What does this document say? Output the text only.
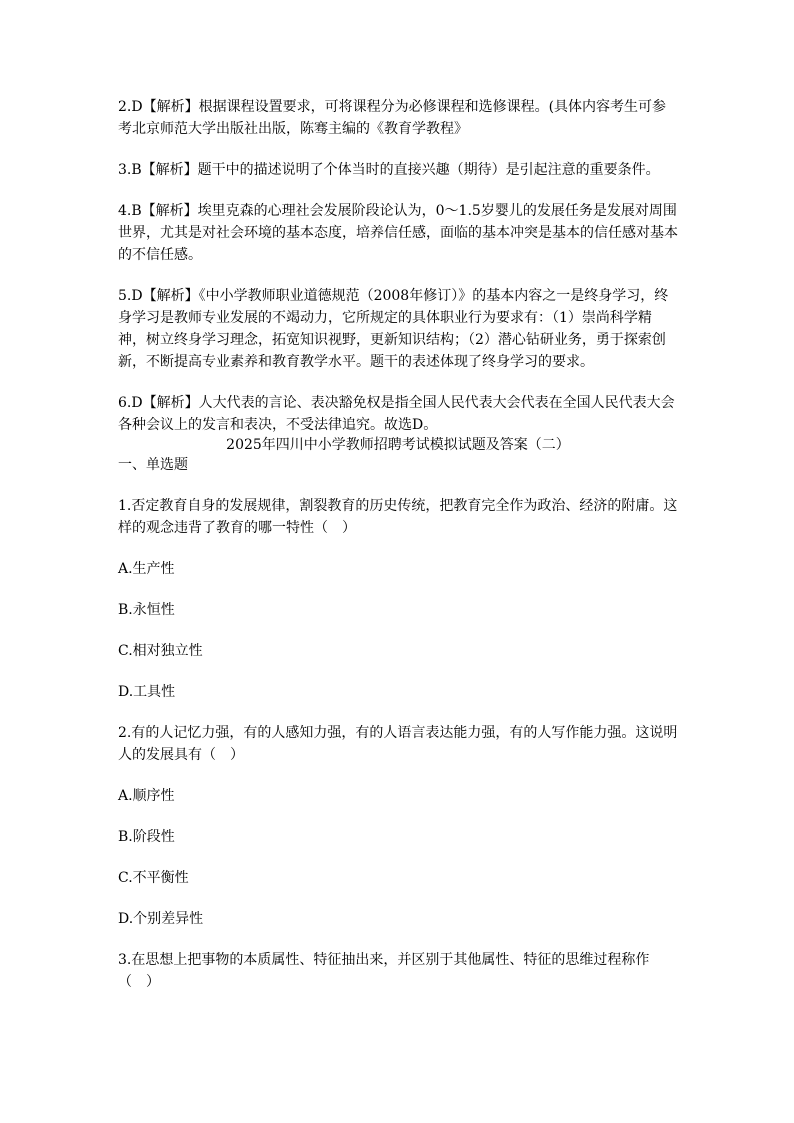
2.D【解析】根据课程设置要求，可将课程分为必修课程和选修课程。(具体内容考生可参考北京师范大学出版社出版，陈骞主编的《教育学教程》

3.B【解析】题干中的描述说明了个体当时的直接兴趣（期待）是引起注意的重要条件。

4.B【解析】埃里克森的心理社会发展阶段论认为，0～1.5岁婴儿的发展任务是发展对周围世界，尤其是对社会环境的基本态度，培养信任感，面临的基本冲突是基本的信任感对基本的不信任感。

5.D【解析】《中小学教师职业道德规范（2008年修订）》的基本内容之一是终身学习，终身学习是教师专业发展的不竭动力，它所规定的具体职业行为要求有：（1）崇尚科学精神，树立终身学习理念，拓宽知识视野，更新知识结构；（2）潜心钻研业务，勇于探索创新，不断提高专业素养和教育教学水平。题干的表述体现了终身学习的要求。

6.D【解析】人大代表的言论、表决豁免权是指全国人民代表大会代表在全国人民代表大会各种会议上的发言和表决，不受法律追究。故选D。

2025年四川中小学教师招聘考试模拟试题及答案（二）

一、单选题

1.否定教育自身的发展规律，割裂教育的历史传统，把教育完全作为政治、经济的附庸。这样的观念违背了教育的哪一特性（　）

A.生产性

B.永恒性

C.相对独立性

D.工具性

2.有的人记忆力强，有的人感知力强，有的人语言表达能力强，有的人写作能力强。这说明人的发展具有（　）

A.顺序性

B.阶段性

C.不平衡性

D.个别差异性

3.在思想上把事物的本质属性、特征抽出来，并区别于其他属性、特征的思维过程称作（　）
